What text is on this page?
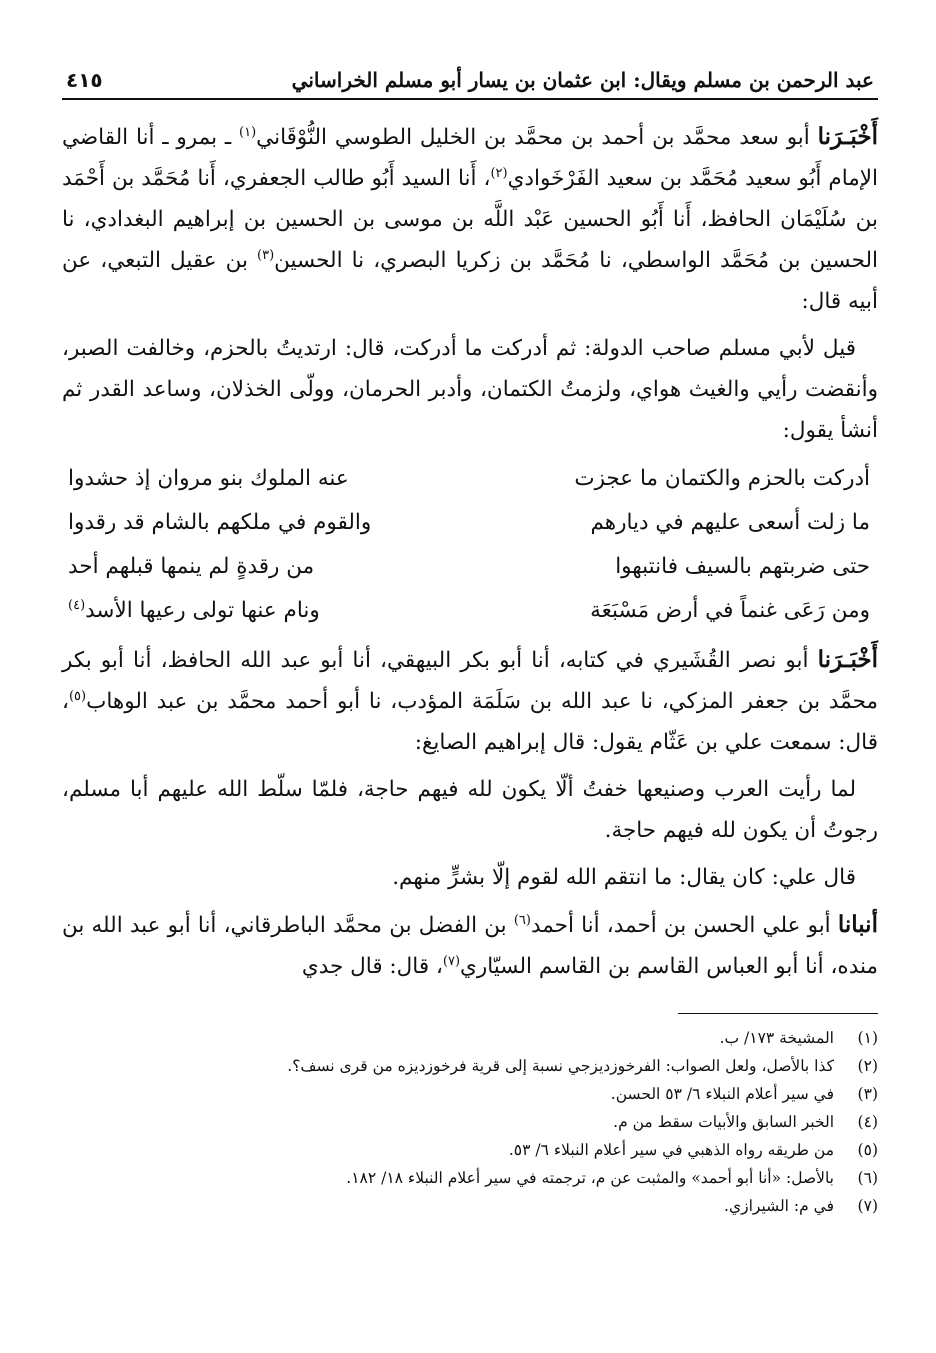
عبد الرحمن بن مسلم ويقال: ابن عثمان بن يسار أبو مسلم الخراساني
٤١٥

أَخْبَـرَنا أبو سعد محمَّد بن أحمد بن محمَّد بن الخليل الطوسي النُّوْقَاني$^{(١)}$ ـ بمرو ـ أنا القاضي الإمام أَبُو سعيد مُحَمَّد بن سعيد الفَرْخَوادي$^{(٢)}$، أَنا السيد أَبُو طالب الجعفري، أَنا مُحَمَّد بن أَحْمَد بن سُلَيْمَان الحافظ، أَنا أَبُو الحسين عَبْد اللَّه بن موسى بن الحسين بن إبراهيم البغدادي، نا الحسين بن مُحَمَّد الواسطي، نا مُحَمَّد بن زكريا البصري، نا الحسين$^{(٣)}$ بن عقيل التبعي، عن أبيه قال:

قيل لأبي مسلم صاحب الدولة: ثم أدركت ما أدركت، قال: ارتديتُ بالحزم، وخالفت الصبر، وأنقضت رأيي والغيث هواي، ولزمتُ الكتمان، وأدبر الحرمان، وولّى الخذلان، وساعد القدر ثم أنشأ يقول:

أدركت بالحزم والكتمان ما عجزت
عنه الملوك بنو مروان إذ حشدوا
ما زلت أسعى عليهم في ديارهم
والقوم في ملكهم بالشام قد رقدوا
حتى ضربتهم بالسيف فانتبهوا
من رقدةٍ لم ينمها قبلهم أحد
ومن رَعَى غنماً في أرض مَسْبَعَة
ونام عنها تولى رعيها الأسد$^{(٤)}$

أَخْبَـرَنا أبو نصر القُشَيري في كتابه، أنا أبو بكر البيهقي، أنا أبو عبد الله الحافظ، أنا أبو بكر محمَّد بن جعفر المزكي، نا عبد الله بن سَلَمَة المؤدب، نا أبو أحمد محمَّد بن عبد الوهاب$^{(٥)}$، قال: سمعت علي بن عَثّام يقول: قال إبراهيم الصايغ:

لما رأيت العرب وصنيعها خفتُ ألّا يكون لله فيهم حاجة، فلمّا سلّط الله عليهم أبا مسلم، رجوتُ أن يكون لله فيهم حاجة.

قال علي: كان يقال: ما انتقم الله لقوم إلّا بشرٍّ منهم.

أنبانا أبو علي الحسن بن أحمد، أنا أحمد$^{(٦)}$ بن الفضل بن محمَّد الباطرقاني، أنا أبو عبد الله بن منده، أنا أبو العباس القاسم بن القاسم السيّاري$^{(٧)}$، قال: قال جدي

(١)
المشيخة ١٧٣/ ب.
(٢)
كذا بالأصل، ولعل الصواب: الفرخوزديزجي نسبة إلى قرية فرخوزديزه من قرى نسف؟.
(٣)
في سير أعلام النبلاء ٦/ ٥٣ الحسن.
(٤)
الخبر السابق والأبيات سقط من م.
(٥)
من طريقه رواه الذهبي في سير أعلام النبلاء ٦/ ٥٣.
(٦)
بالأصل: «أنا أبو أحمد» والمثبت عن م، ترجمته في سير أعلام النبلاء ١٨/ ١٨٢.
(٧)
في م: الشيرازي.
